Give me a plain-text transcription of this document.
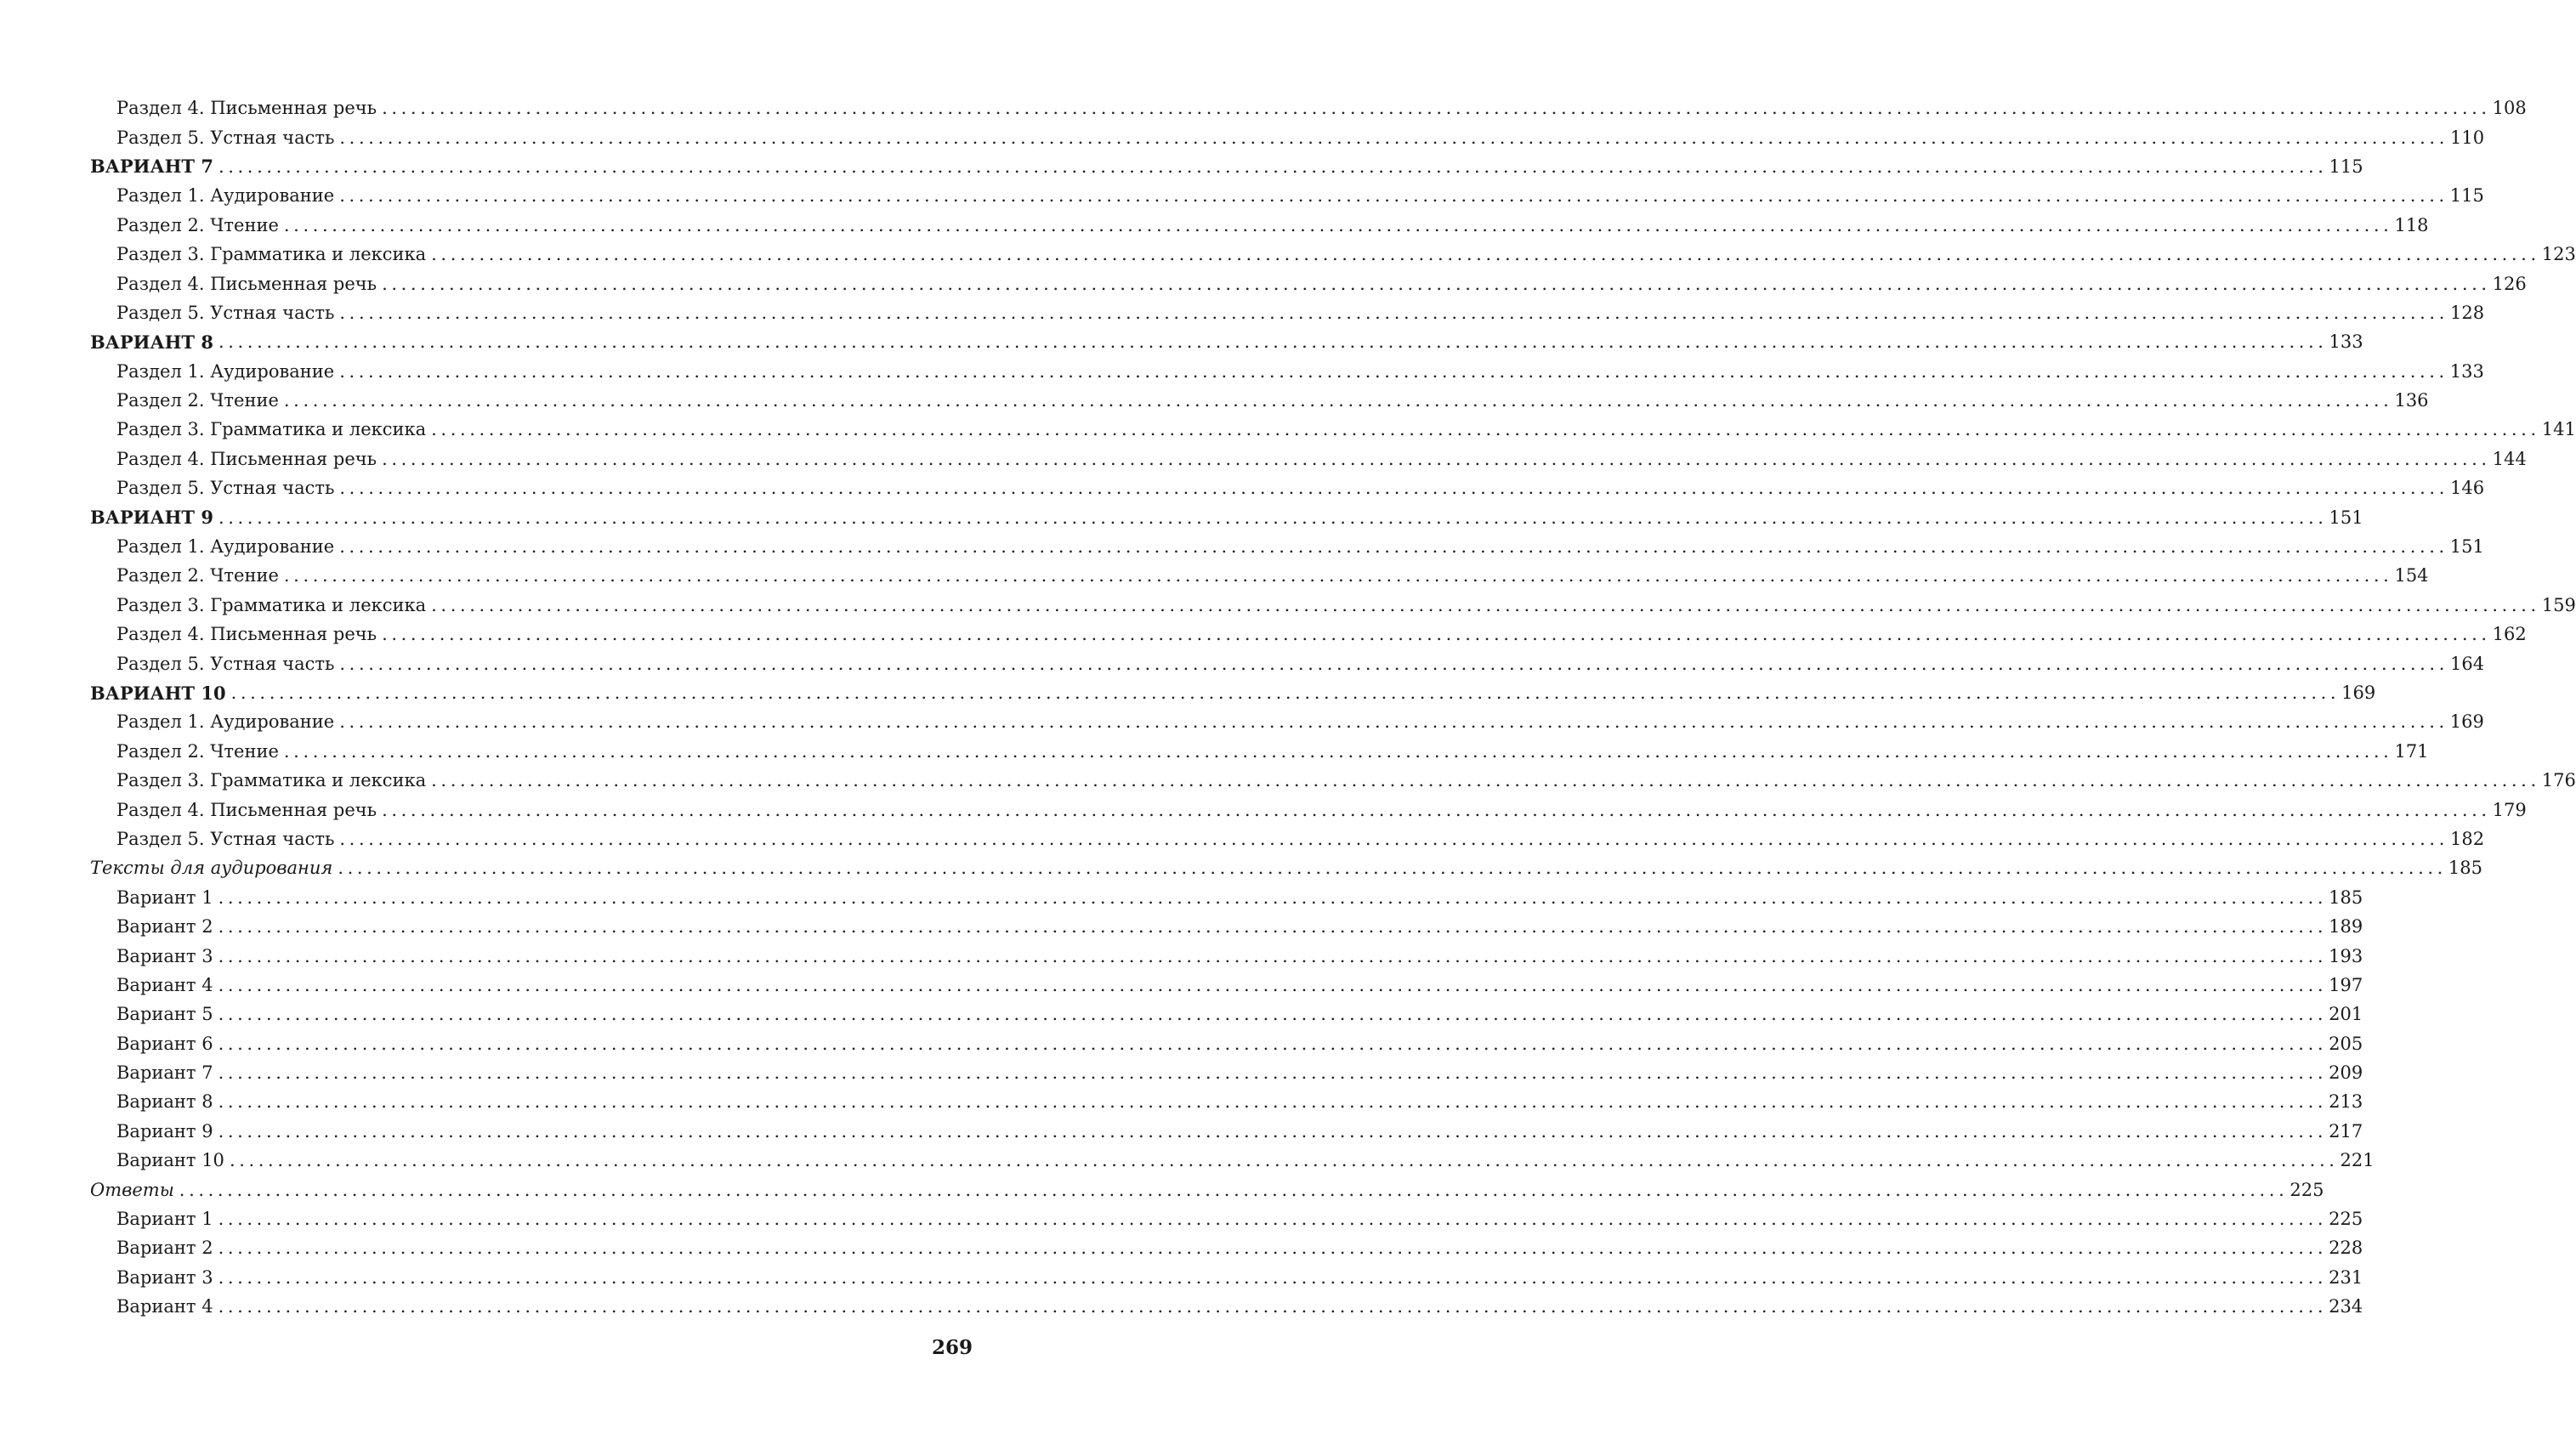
Раздел 4. Письменная речь ............................................................................................................................................................................................................................ 108
Раздел 5. Устная часть ............................................................................................................................................................................................................................ 110
ВАРИАНТ 7 ............................................................................................................................................................................................................................ 115
Раздел 1. Аудирование ............................................................................................................................................................................................................................ 115
Раздел 2. Чтение ............................................................................................................................................................................................................................ 118
Раздел 3. Грамматика и лексика ............................................................................................................................................................................................................................ 123
Раздел 4. Письменная речь ............................................................................................................................................................................................................................ 126
Раздел 5. Устная часть ............................................................................................................................................................................................................................ 128
ВАРИАНТ 8 ............................................................................................................................................................................................................................ 133
Раздел 1. Аудирование ............................................................................................................................................................................................................................ 133
Раздел 2. Чтение ............................................................................................................................................................................................................................ 136
Раздел 3. Грамматика и лексика ............................................................................................................................................................................................................................ 141
Раздел 4. Письменная речь ............................................................................................................................................................................................................................ 144
Раздел 5. Устная часть ............................................................................................................................................................................................................................ 146
ВАРИАНТ 9 ............................................................................................................................................................................................................................ 151
Раздел 1. Аудирование ............................................................................................................................................................................................................................ 151
Раздел 2. Чтение ............................................................................................................................................................................................................................ 154
Раздел 3. Грамматика и лексика ............................................................................................................................................................................................................................ 159
Раздел 4. Письменная речь ............................................................................................................................................................................................................................ 162
Раздел 5. Устная часть ............................................................................................................................................................................................................................ 164
ВАРИАНТ 10 ............................................................................................................................................................................................................................ 169
Раздел 1. Аудирование ............................................................................................................................................................................................................................ 169
Раздел 2. Чтение ............................................................................................................................................................................................................................ 171
Раздел 3. Грамматика и лексика ............................................................................................................................................................................................................................ 176
Раздел 4. Письменная речь ............................................................................................................................................................................................................................ 179
Раздел 5. Устная часть ............................................................................................................................................................................................................................ 182
Тексты для аудирования ............................................................................................................................................................................................................................ 185
Вариант 1 ............................................................................................................................................................................................................................ 185
Вариант 2 ............................................................................................................................................................................................................................ 189
Вариант 3 ............................................................................................................................................................................................................................ 193
Вариант 4 ............................................................................................................................................................................................................................ 197
Вариант 5 ............................................................................................................................................................................................................................ 201
Вариант 6 ............................................................................................................................................................................................................................ 205
Вариант 7 ............................................................................................................................................................................................................................ 209
Вариант 8 ............................................................................................................................................................................................................................ 213
Вариант 9 ............................................................................................................................................................................................................................ 217
Вариант 10 ............................................................................................................................................................................................................................ 221
Ответы ............................................................................................................................................................................................................................ 225
Вариант 1 ............................................................................................................................................................................................................................ 225
Вариант 2 ............................................................................................................................................................................................................................ 228
Вариант 3 ............................................................................................................................................................................................................................ 231
Вариант 4 ............................................................................................................................................................................................................................ 234
269
